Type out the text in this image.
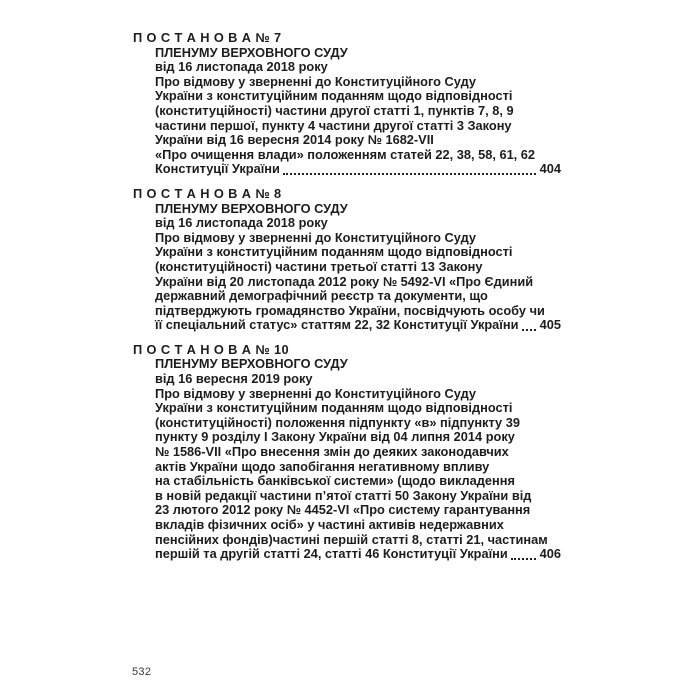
П О С Т А Н О В А № 7
ПЛЕНУМУ ВЕРХОВНОГО СУДУ
від 16 листопада 2018 року
Про відмову у зверненні до Конституційного Суду
України з конституційним поданням щодо відповідності
(конституційності) частини другої статті 1, пунктів 7, 8, 9
частини першої, пункту 4 частини другої статті 3 Закону
України від 16 вересня 2014 року № 1682-VII
«Про очищення влади» положенням статей 22, 38, 58, 61, 62
Конституції України	404
П О С Т А Н О В А № 8
ПЛЕНУМУ ВЕРХОВНОГО СУДУ
від 16 листопада 2018 року
Про відмову у зверненні до Конституційного Суду
України з конституційним поданням щодо відповідності
(конституційності) частини третьої статті 13 Закону
України від 20 листопада 2012 року № 5492-VI «Про Єдиний
державний демографічний реєстр та документи, що
підтверджують громадянство України, посвідчують особу чи
її спеціальний статус» статтям 22, 32 Конституції України 405
П О С Т А Н О В А № 10
ПЛЕНУМУ ВЕРХОВНОГО СУДУ
від 16 вересня 2019 року
Про відмову у зверненні до Конституційного Суду
України з конституційним поданням щодо відповідності
(конституційності) положення підпункту «в» підпункту 39
пункту 9 розділу І Закону України від 04 липня 2014 року
№ 1586-VII «Про внесення змін до деяких законодавчих
актів України щодо запобігання негативному впливу
на стабільність банківської системи» (щодо викладення
в новій редакції частини п’ятої статті 50 Закону України від
23 лютого 2012 року № 4452-VI «Про систему гарантування
вкладів фізичних осіб» у частині активів недержавних
пенсійних фондів)частині першій статті 8, статті 21, частинам
першій та другій статті 24, статті 46 Конституції України 406
532
